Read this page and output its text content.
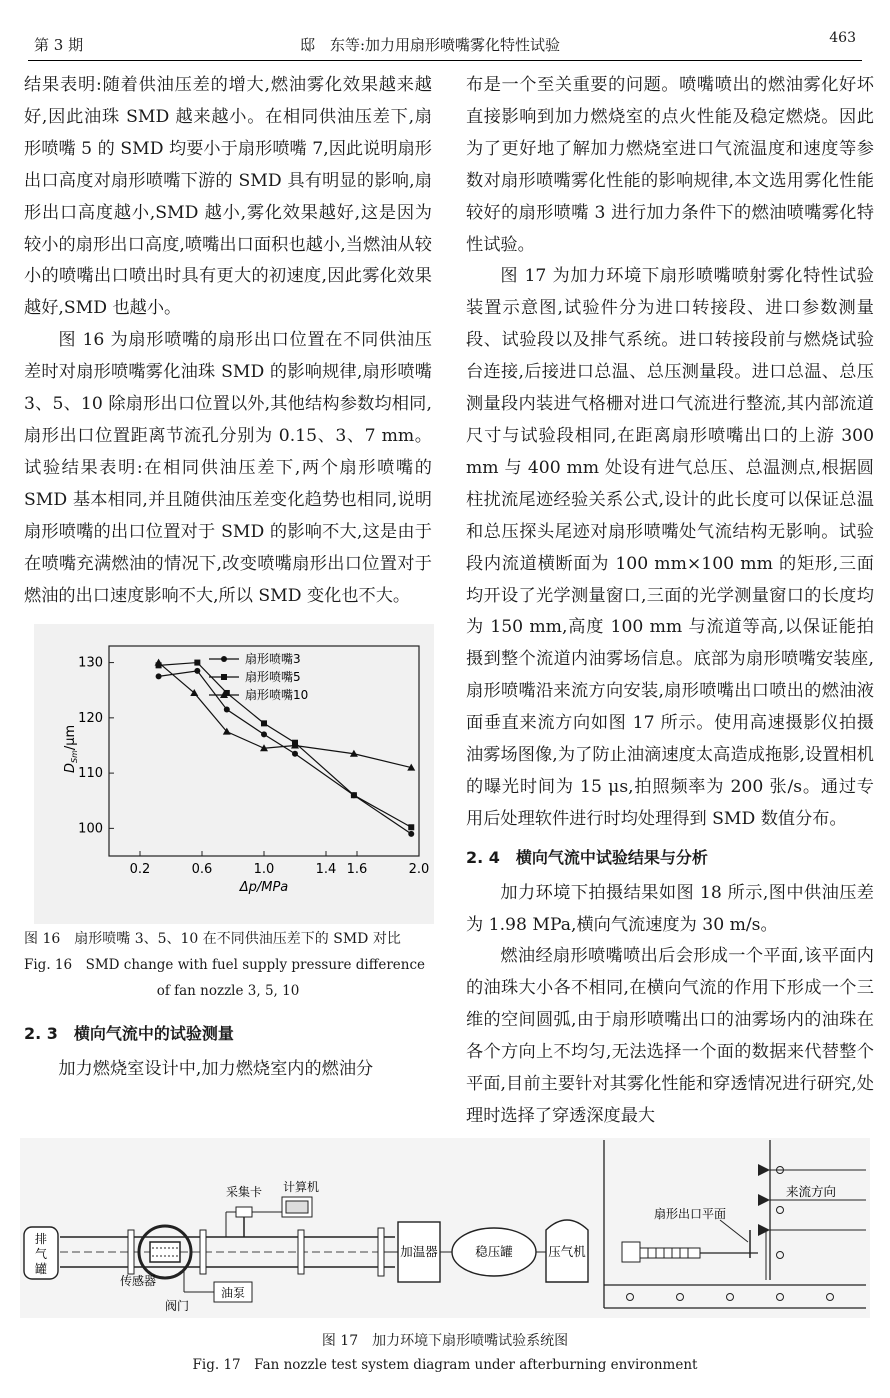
第 3 期	邸　东等:加力用扇形喷嘴雾化特性试验	463

结果表明:随着供油压差的增大,燃油雾化效果越来越好,因此油珠 SMD 越来越小。在相同供油压差下,扇形喷嘴 5 的 SMD 均要小于扇形喷嘴 7,因此说明扇形出口高度对扇形喷嘴下游的 SMD 具有明显的影响,扇形出口高度越小,SMD 越小,雾化效果越好,这是因为较小的扇形出口高度,喷嘴出口面积也越小,当燃油从较小的喷嘴出口喷出时具有更大的初速度,因此雾化效果越好,SMD 也越小。

图 16 为扇形喷嘴的扇形出口位置在不同供油压差时对扇形喷嘴雾化油珠 SMD 的影响规律,扇形喷嘴 3、5、10 除扇形出口位置以外,其他结构参数均相同,扇形出口位置距离节流孔分别为 0.15、3、7 mm。试验结果表明:在相同供油压差下,两个扇形喷嘴的 SMD 基本相同,并且随供油压差变化趋势也相同,说明扇形喷嘴的出口位置对于 SMD 的影响不大,这是由于在喷嘴充满燃油的情况下,改变喷嘴扇形出口位置对于燃油的出口速度影响不大,所以 SMD 变化也不大。

100
110
120
130
0.2	0.6	1.0	1.4 1.6	2.0
Δp/MPa
$D_{Sm}/\mu m$
扇形喷嘴3
扇形喷嘴5
扇形喷嘴10
图 16　扇形喷嘴 3、5、10 在不同供油压差下的 SMD 对比
Fig. 16　SMD change with fuel supply pressure difference
of fan nozzle 3, 5, 10
2. 3　横向气流中的试验测量

加力燃烧室设计中,加力燃烧室内的燃油分

布是一个至关重要的问题。喷嘴喷出的燃油雾化好坏直接影响到加力燃烧室的点火性能及稳定燃烧。因此为了更好地了解加力燃烧室进口气流温度和速度等参数对扇形喷嘴雾化性能的影响规律,本文选用雾化性能较好的扇形喷嘴 3 进行加力条件下的燃油喷嘴雾化特性试验。

图 17 为加力环境下扇形喷嘴喷射雾化特性试验装置示意图,试验件分为进口转接段、进口参数测量段、试验段以及排气系统。进口转接段前与燃烧试验台连接,后接进口总温、总压测量段。进口总温、总压测量段内装进气格栅对进口气流进行整流,其内部流道尺寸与试验段相同,在距离扇形喷嘴出口的上游 300 mm 与 400 mm 处设有进气总压、总温测点,根据圆柱扰流尾迹经验关系公式,设计的此长度可以保证总温和总压探头尾迹对扇形喷嘴处气流结构无影响。试验段内流道横断面为 100 mm×100 mm 的矩形,三面均开设了光学测量窗口,三面的光学测量窗口的长度均为 150 mm,高度 100 mm 与流道等高,以保证能拍摄到整个流道内油雾场信息。底部为扇形喷嘴安装座,扇形喷嘴沿来流方向安装,扇形喷嘴出口喷出的燃油液面垂直来流方向如图 17 所示。使用高速摄影仪拍摄油雾场图像,为了防止油滴速度太高造成拖影,设置相机的曝光时间为 15 μs,拍照频率为 200 张/s。通过专用后处理软件进行时均处理得到 SMD 数值分布。

2. 4　横向气流中试验结果与分析

加力环境下拍摄结果如图 18 所示,图中供油压差为 1.98 MPa,横向气流速度为 30 m/s。

燃油经扇形喷嘴喷出后会形成一个平面,该平面内的油珠大小各不相同,在横向气流的作用下形成一个三维的空间圆弧,由于扇形喷嘴出口的油雾场内的油珠在各个方向上不均匀,无法选择一个面的数据来代替整个平面,目前主要针对其雾化性能和穿透情况进行研究,处理时选择了穿透深度最大

排
气
罐
油泵
传感器
阀门
采集卡 计算机
加温器	稳压罐	压气机
来流方向
扇形出口平面
图 17　加力环境下扇形喷嘴试验系统图
Fig. 17　Fan nozzle test system diagram under afterburning environment
